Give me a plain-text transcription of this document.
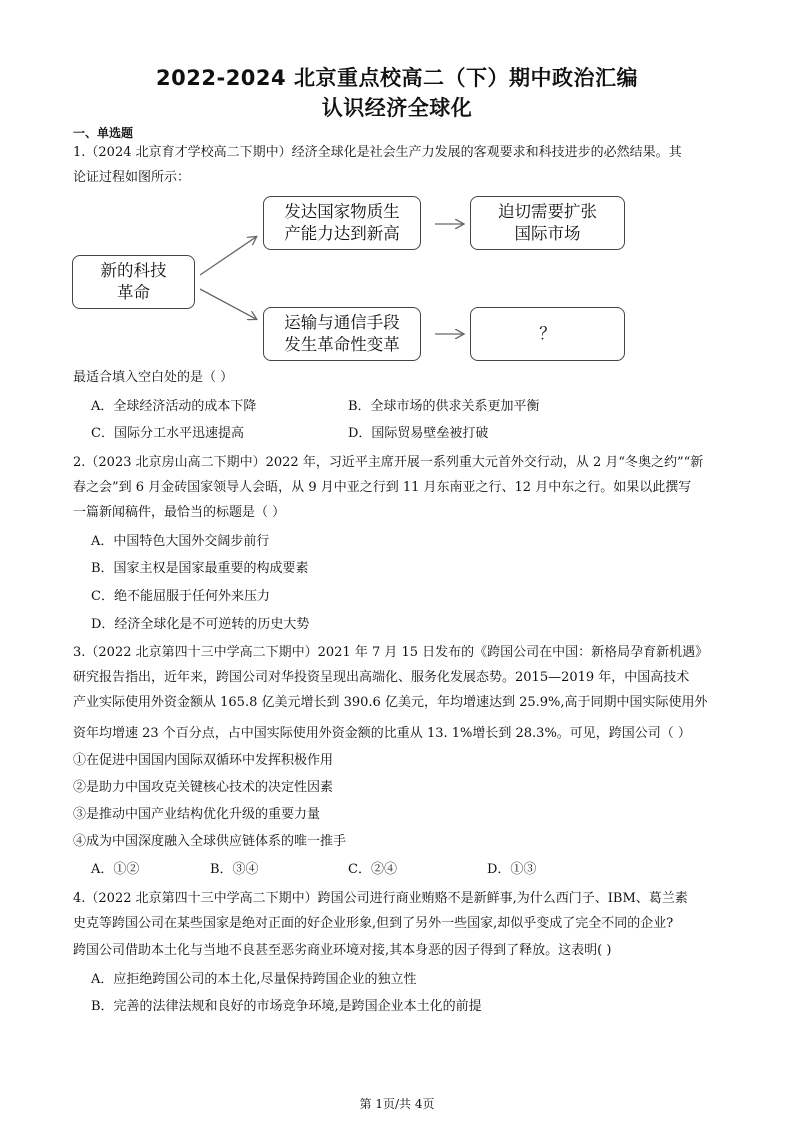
2022-2024 北京重点校高二（下）期中政治汇编
认识经济全球化
一、单选题
1.（2024 北京育才学校高二下期中）经济全球化是社会生产力发展的客观要求和科技进步的必然结果。其
论证过程如图所示：
新的科技
革命
发达国家物质生
产能力达到新高
迫切需要扩张
国际市场
运输与通信手段
发生革命性变革
？
最适合填入空白处的是（ ）
A．全球经济活动的成本下降	B．全球市场的供求关系更加平衡
C．国际分工水平迅速提高	D．国际贸易壁垒被打破
2.（2023 北京房山高二下期中）2022 年，习近平主席开展一系列重大元首外交行动，从 2 月“冬奥之约”“新
春之会”到 6 月金砖国家领导人会晤，从 9 月中亚之行到 11 月东南亚之行、12 月中东之行。如果以此撰写
一篇新闻稿件，最恰当的标题是（ ）
A．中国特色大国外交阔步前行
B．国家主权是国家最重要的构成要素
C．绝不能屈服于任何外来压力
D．经济全球化是不可逆转的历史大势
3.（2022 北京第四十三中学高二下期中）2021 年 7 月 15 日发布的《跨国公司在中国：新格局孕育新机遇》
研究报告指出，近年来，跨国公司对华投资呈现出高端化、服务化发展态势。2015—2019 年，中国高技术
产业实际使用外资金额从 165.8 亿美元增长到 390.6 亿美元，年均增速达到 25.9%,高于同期中国实际使用外
资年均增速 23 个百分点，占中国实际使用外资金额的比重从 13. 1%增长到 28.3%。可见，跨国公司（ ）
①在促进中国国内国际双循环中发挥积极作用
②是助力中国攻克关键核心技术的决定性因素
③是推动中国产业结构优化升级的重要力量
④成为中国深度融入全球供应链体系的唯一推手
A．①②	B．③④	C．②④	D．①③
4.（2022 北京第四十三中学高二下期中）跨国公司进行商业贿赂不是新鲜事,为什么西门子、IBM、葛兰素
史克等跨国公司在某些国家是绝对正面的好企业形象,但到了另外一些国家,却似乎变成了完全不同的企业?
跨国公司借助本土化与当地不良甚至恶劣商业环境对接,其本身恶的因子得到了释放。这表明( )
A．应拒绝跨国公司的本土化,尽量保持跨国企业的独立性
B．完善的法律法规和良好的市场竞争环境,是跨国企业本土化的前提
第 1页/共 4页
